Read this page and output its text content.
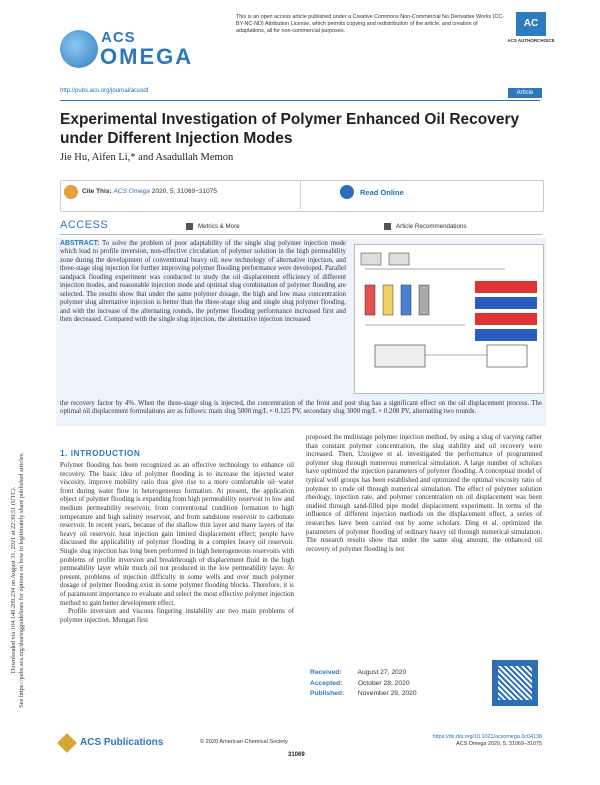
ACS
OMEGA
This is an open access article published under a Creative Commons Non-Commercial No Derivative Works (CC-BY-NC-ND) Attribution License, which permits copying and redistribution of the article, and creation of adaptations, all for non-commercial purposes.
AC
ACS AUTHORCHOICE
http://pubs.acs.org/journal/acsodf	Article
Experimental Investigation of Polymer Enhanced Oil Recovery under Different Injection Modes
Jie Hu, Aifen Li,* and Asadullah Memon
Cite This: ACS Omega 2020, 5, 31069−31075	Read Online
ACCESS	Metrics & More	Article Recommendations
Downloaded via 104.140.209.234 on August 31, 2021 at 22:39:51 (UTC). See https://pubs.acs.org/sharingguidelines for options on how to legitimately share published articles.
ABSTRACT: To solve the problem of poor adaptability of the single slug polymer injection mode which lead to profile inversion, non-effective circulation of polymer solution in the high permeability zone during the development of conventional heavy oil, new technology of alternative injection, and three-stage slug injection for further improving polymer flooding performance were developed. Parallel sandpack flooding experiment was conducted to study the oil displacement efficiency of different injection modes, and reasonable injection mode and optimal slug combination of polymer flooding are selected. The results show that under the same polymer dosage, the high and low mass concentration polymer slug alternative injection is better than the three-stage slug and single slug polymer flooding, and with the increase of the alternating rounds, the polymer flooding performance increased first and then decreased. Compared with the single slug injection, the alternative injection increased
the recovery factor by 4%. When the three-stage slug is injected, the concentration of the front and post slug has a significant effect on the oil displacement process. The optimal oil displacement formulations are as follows: main slug 5000 mg/L × 0.125 PV, secondary slug 3000 mg/L × 0.208 PV, alternating two rounds.
1. INTRODUCTION
Polymer flooding has been recognized as an effective technology to enhance oil recovery. The basic idea of polymer flooding is to increase the injected water viscosity, improve mobility ratio thus give rise to a more comfortable oil−water front during water flow in heterogeneous formation. At present, the application object of polymer flooding is expanding from high permeability reservoir to low and medium permeability reservoir, from conventional condition formation to high temperature and high salinity reservoir, and from sandstone reservoir to carbonate reservoir. In recent years, because of the shallow thin layer and many layers of the heavy oil reservoir, heat injection gain limited displacement effect; people have discussed the applicability of polymer flooding in a complex heavy oil reservoir. Single slug injection has long been performed in high heterogeneous reservoirs with problems of profile inversion and breakthrough of displacement fluid in the high permeability layer while much oil not produced in the low permeability layer. At present, problems of injection difficulty in some wells and over much polymer dosage of polymer flooding exist in some polymer flooding blocks. Therefore, it is of paramount importance to evaluate and select the most effective polymer injection method to gain better development effect.
Profile inversion and viscous fingering instability are two main problems of polymer injection. Mungan first
proposed the multistage polymer injection method, by using a slug of varying rather than constant polymer concentration, the slug stability and oil recovery were increased. Then, Uzoigwe et al. investigated the performance of programmed polymer slug through numerous numerical simulation. A large number of scholars have optimized the injection parameters of polymer flooding. A conceptual model of typical well groups has been established and optimized the optimal viscosity ratio of polymer to crude oil through numerical simulation. The effect of polymer solution rheology, injection rate, and polymer concentration on oil displacement was been studied through sand-filled pipe model displacement experiment. In terms of the influence of different injection methods on the displacement effect, a series of researches have been carried out by some scholars. Ding et al. optimized the parameters of polymer flooding of ordinary heavy oil through numerical simulation. The research results show that under the same slug amount, the enhanced oil recovery of polymer flooding is not
Received: August 27, 2020
Accepted: October 28, 2020
Published: November 29, 2020
ACS Publications	© 2020 American Chemical Society
31069
https://dx.doi.org/10.1021/acsomega.0c04138
ACS Omega 2020, 5, 31069−31075
